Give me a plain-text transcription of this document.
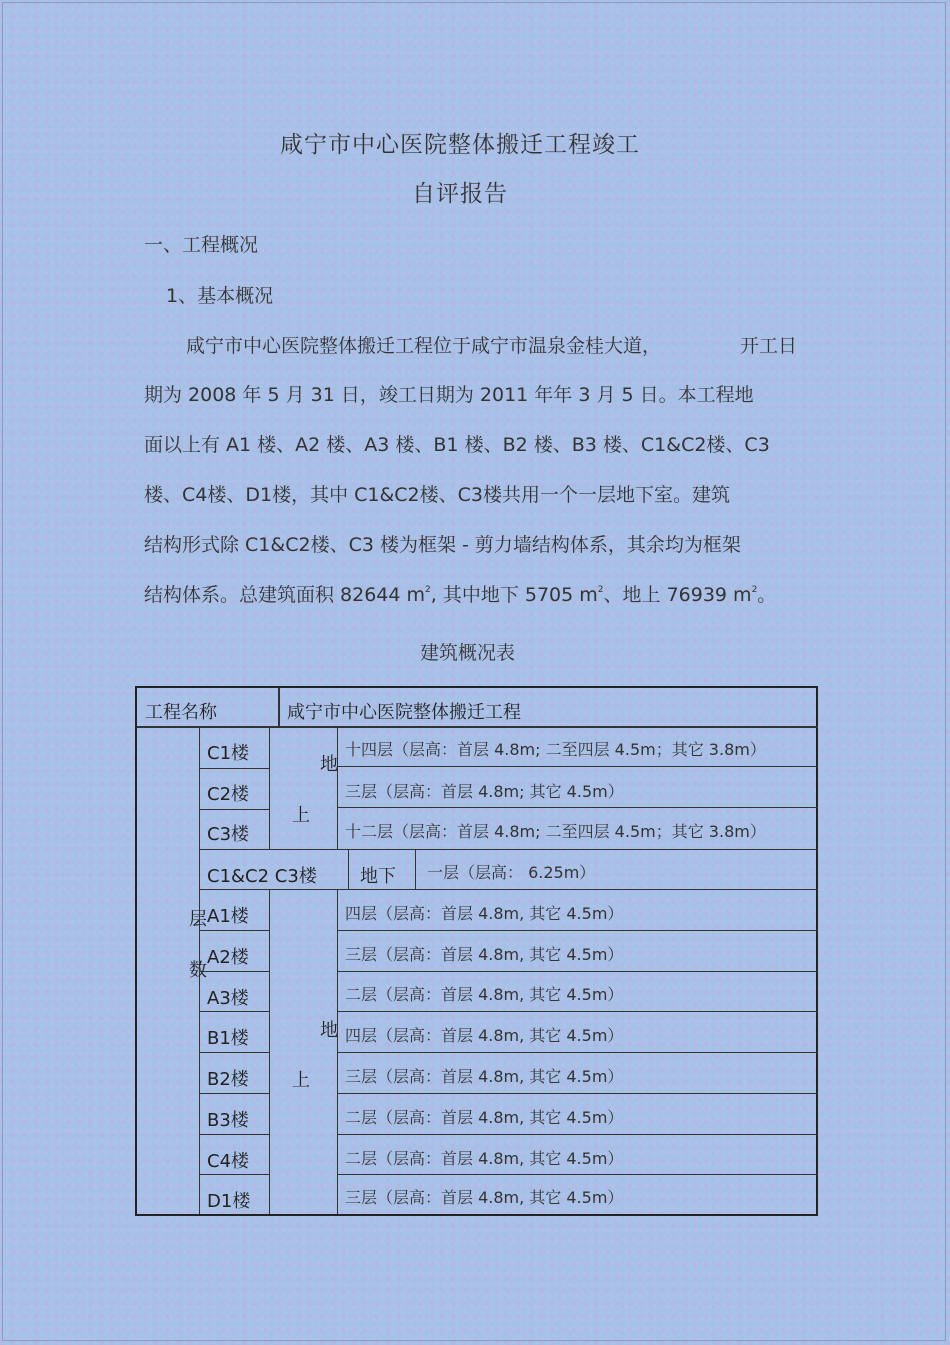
咸宁市中心医院整体搬迁工程竣工
自评报告
一、工程概况
1、基本概况
咸宁市中心医院整体搬迁工程位于咸宁市温泉金桂大道，	开工日
期为 2008 年 5 月 31 日，竣工日期为 2011 年年 3 月 5 日。本工程地
面以上有 A1 楼、A2 楼、A3 楼、B1 楼、B2 楼、B3 楼、C1&C2楼、C3
楼、C4楼、D1楼，其中 C1&C2楼、C3楼共用一个一层地下室。建筑
结构形式除 C1&C2楼、C3 楼为框架 - 剪力墙结构体系，其余均为框架
结构体系。总建筑面积 82644 $m^2$, 其中地下 5705 $m^2$、地上 76939 $m^2$。
建筑概况表
工程名称	咸宁市中心医院整体搬迁工程
层
数
地
上
C1楼	十四层（层高：首层 4.8m; 二至四层 4.5m；其它 3.8m）
C2楼	三层（层高：首层 4.8m; 其它 4.5m）
C3楼	十二层（层高：首层 4.8m; 二至四层 4.5m；其它 3.8m）
C1&C2 C3楼 地下 一层（层高： 6.25m）
地
上
A1楼	四层（层高：首层 4.8m, 其它 4.5m）
A2楼	三层（层高：首层 4.8m, 其它 4.5m）
A3楼	二层（层高：首层 4.8m, 其它 4.5m）
B1楼	四层（层高：首层 4.8m, 其它 4.5m）
B2楼	三层（层高：首层 4.8m, 其它 4.5m）
B3楼	二层（层高：首层 4.8m, 其它 4.5m）
C4楼	二层（层高：首层 4.8m, 其它 4.5m）
D1楼	三层（层高：首层 4.8m, 其它 4.5m）
